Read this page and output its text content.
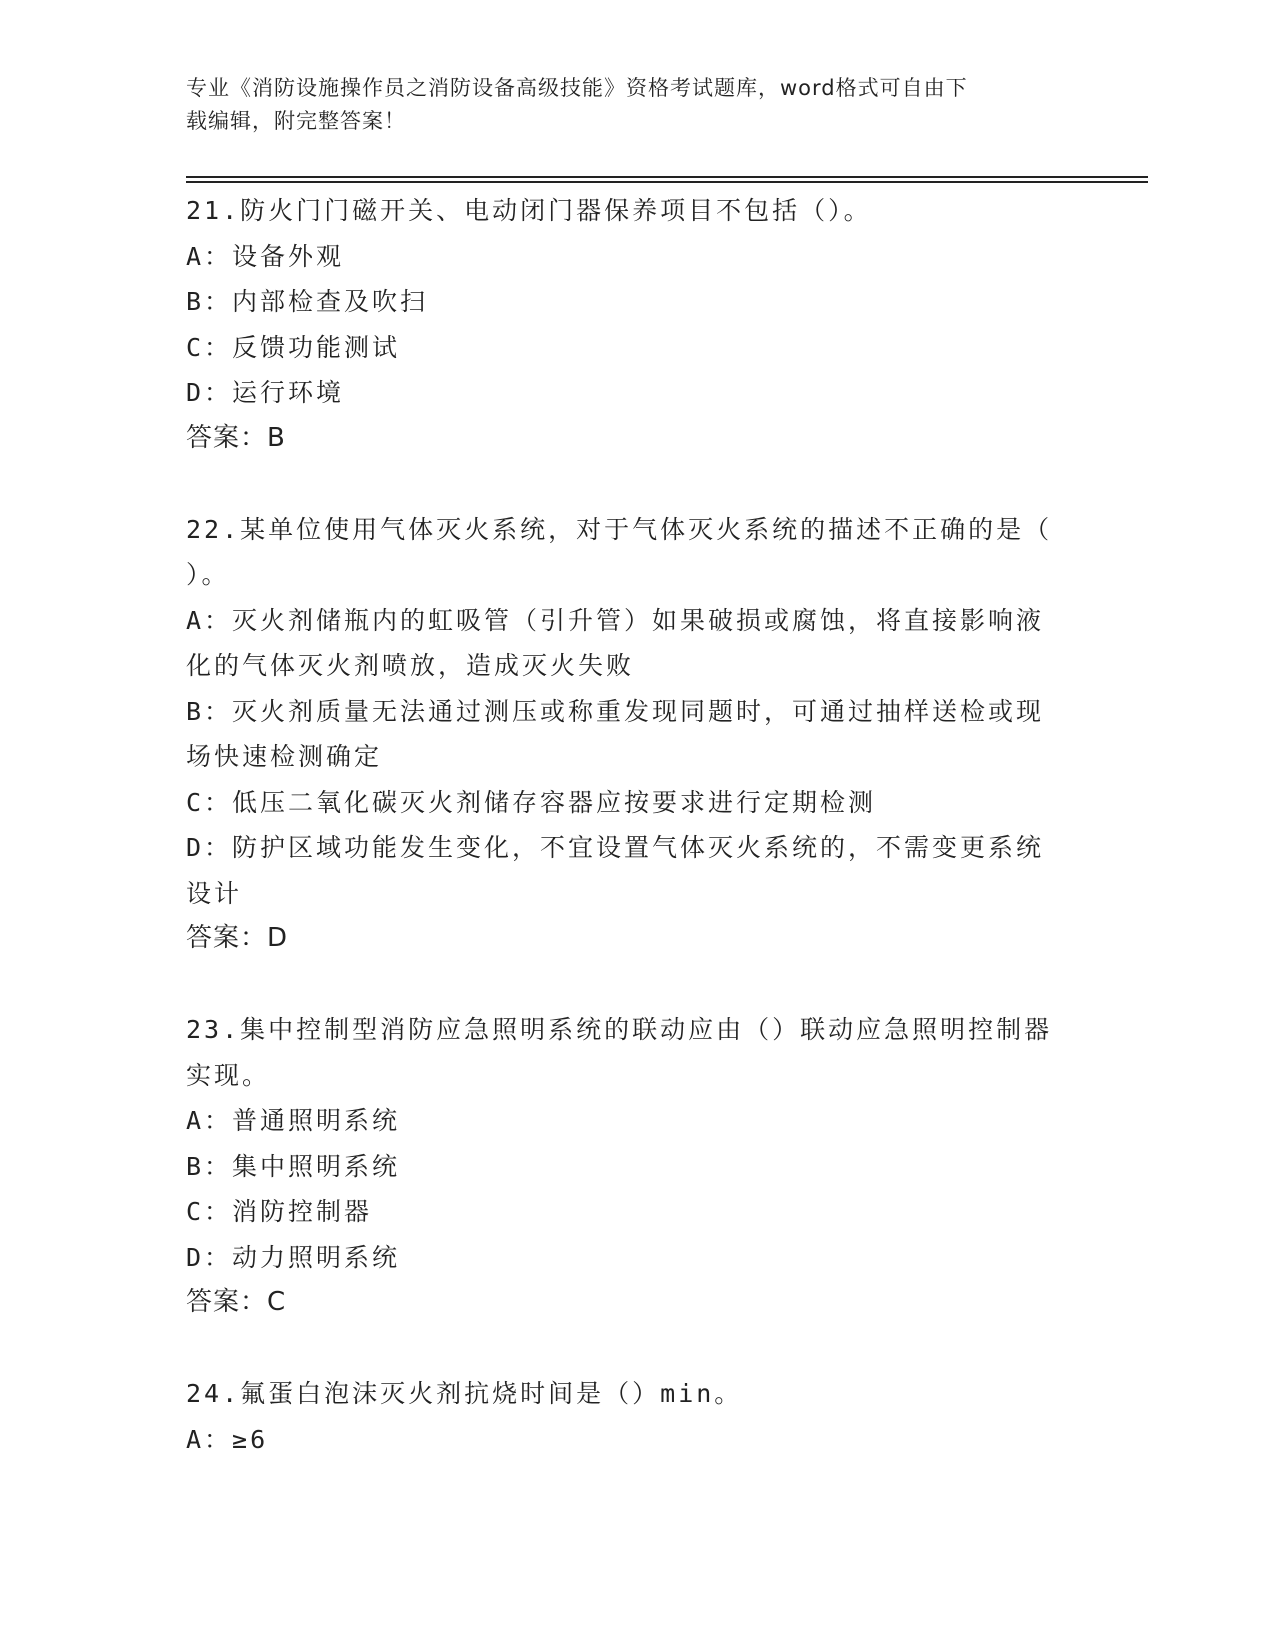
专业《消防设施操作员之消防设备高级技能》资格考试题库，word格式可自由下
载编辑，附完整答案！
21.防火门门磁开关、电动闭门器保养项目不包括（）。
A：设备外观
B：内部检查及吹扫
C：反馈功能测试
D：运行环境
答案：B
22.某单位使用气体灭火系统，对于气体灭火系统的描述不正确的是（
）。
A：灭火剂储瓶内的虹吸管（引升管）如果破损或腐蚀，将直接影响液
化的气体灭火剂喷放，造成灭火失败
B：灭火剂质量无法通过测压或称重发现同题时，可通过抽样送检或现
场快速检测确定
C：低压二氧化碳灭火剂储存容器应按要求进行定期检测
D：防护区域功能发生变化，不宜设置气体灭火系统的，不需变更系统
设计
答案：D
23.集中控制型消防应急照明系统的联动应由（）联动应急照明控制器
实现。
A：普通照明系统
B：集中照明系统
C：消防控制器
D：动力照明系统
答案：C
24.氟蛋白泡沫灭火剂抗烧时间是（）min。
A：≥6
